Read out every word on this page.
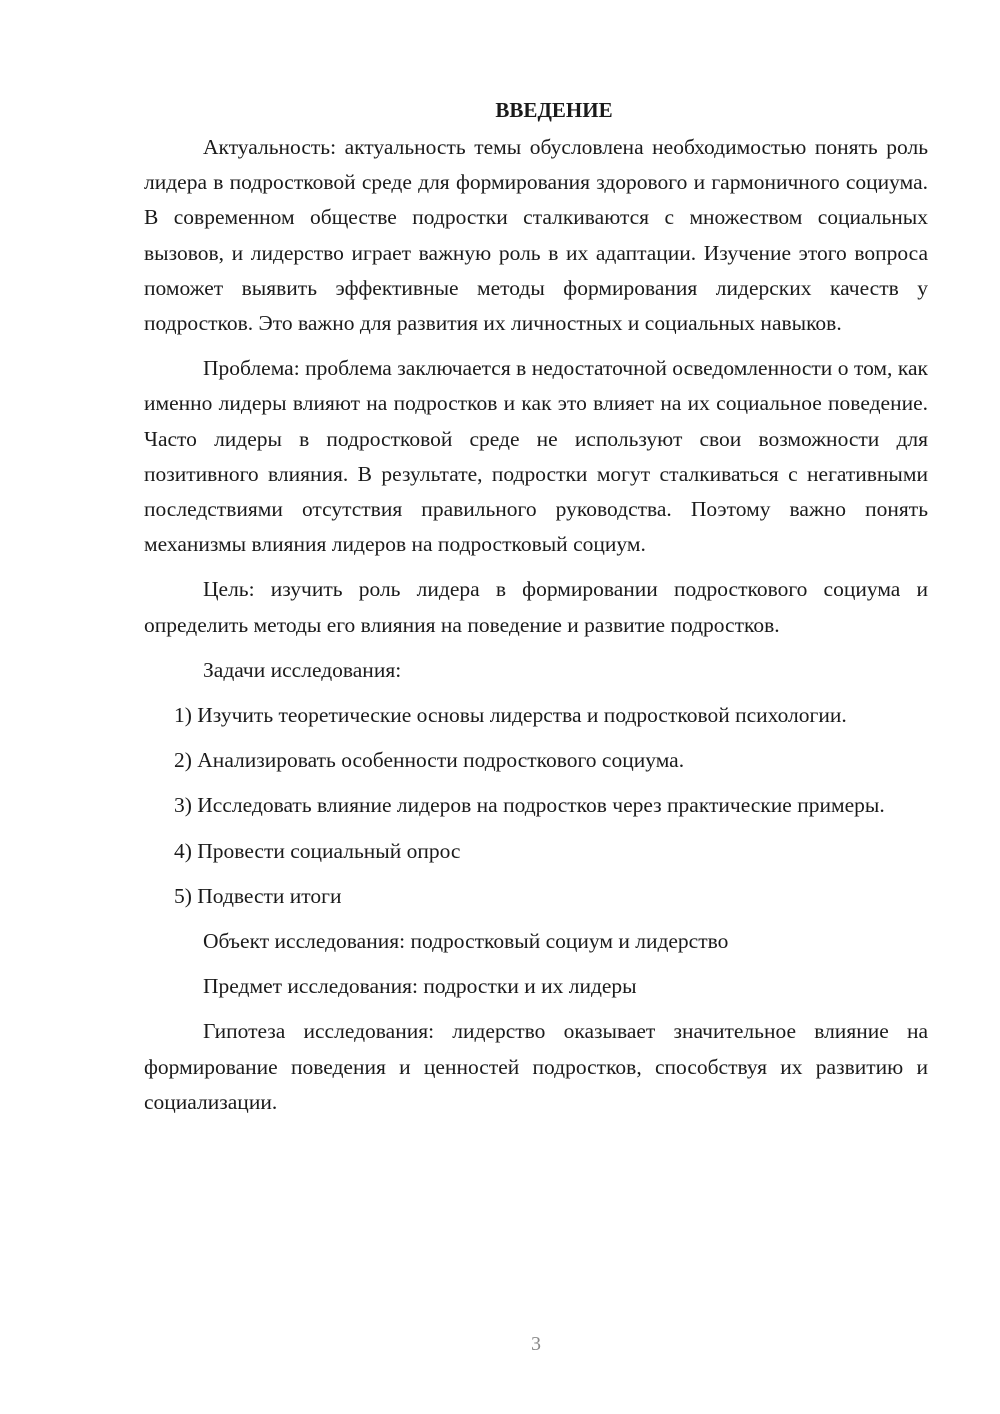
ВВЕДЕНИЕ

Актуальность: актуальность темы обусловлена необходимостью понять роль лидера в подростковой среде для формирования здорового и гармоничного социума. В современном обществе подростки сталкиваются с множеством социальных вызовов, и лидерство играет важную роль в их адаптации. Изучение этого вопроса поможет выявить эффективные методы формирования лидерских качеств у подростков. Это важно для развития их личностных и социальных навыков.

Проблема: проблема заключается в недостаточной осведомленности о том, как именно лидеры влияют на подростков и как это влияет на их социальное поведение. Часто лидеры в подростковой среде не используют свои возможности для позитивного влияния. В результате, подростки могут сталкиваться с негативными последствиями отсутствия правильного руководства. Поэтому важно понять механизмы влияния лидеров на подростковый социум.

Цель: изучить роль лидера в формировании подросткового социума и определить методы его влияния на поведение и развитие подростков.

Задачи исследования:

1) Изучить теоретические основы лидерства и подростковой психологии.

2) Анализировать особенности подросткового социума.

3) Исследовать влияние лидеров на подростков через практические примеры.

4) Провести социальный опрос

5) Подвести итоги

Объект исследования: подростковый социум и лидерство

Предмет исследования: подростки и их лидеры

Гипотеза исследования: лидерство оказывает значительное влияние на формирование поведения и ценностей подростков, способствуя их развитию и социализации.

3
